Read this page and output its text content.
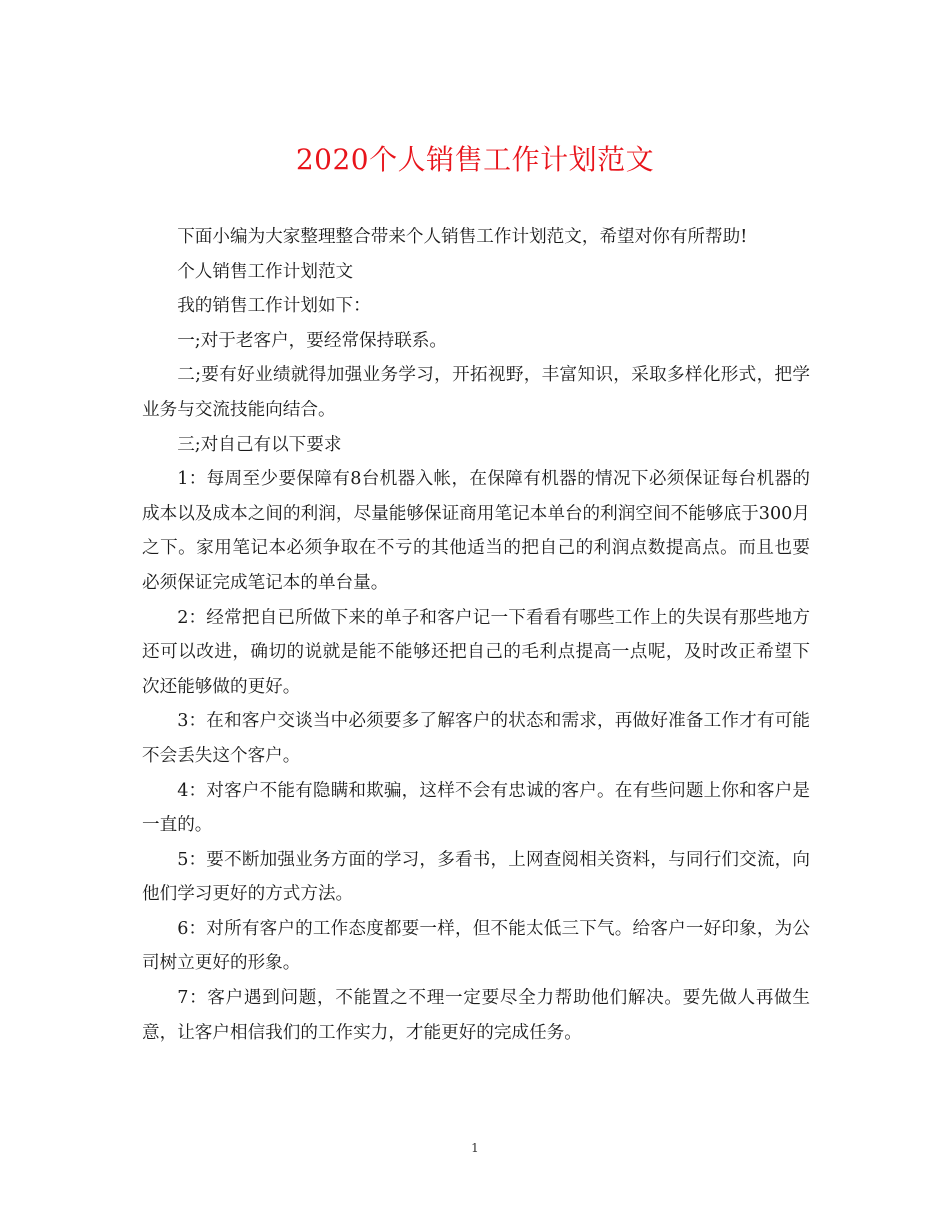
2020个人销售工作计划范文

下面小编为大家整理整合带来个人销售工作计划范文，希望对你有所帮助!

个人销售工作计划范文

我的销售工作计划如下：

一;对于老客户，要经常保持联系。

二;要有好业绩就得加强业务学习，开拓视野，丰富知识，采取多样化形式，把学业务与交流技能向结合。

三;对自己有以下要求

1：每周至少要保障有8台机器入帐，在保障有机器的情况下必须保证每台机器的成本以及成本之间的利润，尽量能够保证商用笔记本单台的利润空间不能够底于300月之下。家用笔记本必须争取在不亏的其他适当的把自己的利润点数提高点。而且也要必须保证完成笔记本的单台量。

2：经常把自已所做下来的单子和客户记一下看看有哪些工作上的失误有那些地方还可以改进，确切的说就是能不能够还把自己的毛利点提高一点呢，及时改正希望下次还能够做的更好。

3：在和客户交谈当中必须要多了解客户的状态和需求，再做好准备工作才有可能不会丢失这个客户。

4：对客户不能有隐瞒和欺骗，这样不会有忠诚的客户。在有些问题上你和客户是一直的。

5：要不断加强业务方面的学习，多看书，上网查阅相关资料，与同行们交流，向他们学习更好的方式方法。

6：对所有客户的工作态度都要一样，但不能太低三下气。给客户一好印象，为公司树立更好的形象。

7：客户遇到问题，不能置之不理一定要尽全力帮助他们解决。要先做人再做生意，让客户相信我们的工作实力，才能更好的完成任务。

1
